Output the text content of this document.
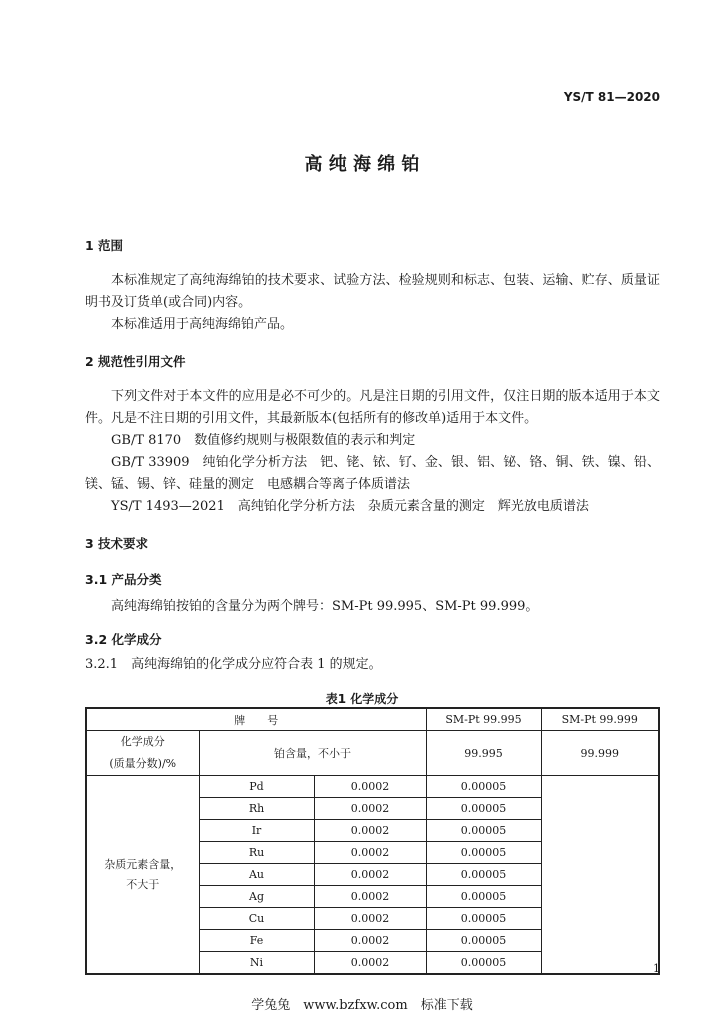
YS/T 81—2020
高 纯 海 绵 铂
1 范围
本标准规定了高纯海绵铂的技术要求、试验方法、检验规则和标志、包装、运输、贮存、质量证明书及订货单(或合同)内容。
本标准适用于高纯海绵铂产品。
2 规范性引用文件
下列文件对于本文件的应用是必不可少的。凡是注日期的引用文件，仅注日期的版本适用于本文件。凡是不注日期的引用文件，其最新版本(包括所有的修改单)适用于本文件。
GB/T 8170　数值修约规则与极限数值的表示和判定
GB/T 33909　纯铂化学分析方法　钯、铑、铱、钌、金、银、铝、铋、铬、铜、铁、镍、铅、镁、锰、锡、锌、硅量的测定　电感耦合等离子体质谱法
YS/T 1493—2021　高纯铂化学分析方法　杂质元素含量的测定　辉光放电质谱法
3 技术要求
3.1 产品分类
高纯海绵铂按铂的含量分为两个牌号：SM-Pt 99.995、SM-Pt 99.999。
3.2 化学成分
3.2.1　高纯海绵铂的化学成分应符合表 1 的规定。
表1 化学成分
牌　　号			SM-Pt 99.995	SM-Pt 99.999
化学成分
(质量分数)/%	铂含量，不小于		99.995	99.999
杂质元素含量，
不大于	Pd	0.0002	0.00005	
	Rh	0.0002	0.00005	
	Ir	0.0002	0.00005	
	Ru	0.0002	0.00005	
	Au	0.0002	0.00005	
	Ag	0.0002	0.00005	
	Cu	0.0002	0.00005	
	Fe	0.0002	0.00005	
	Ni	0.0002	0.00005		1
学兔兔　www.bzfxw.com　标准下载
